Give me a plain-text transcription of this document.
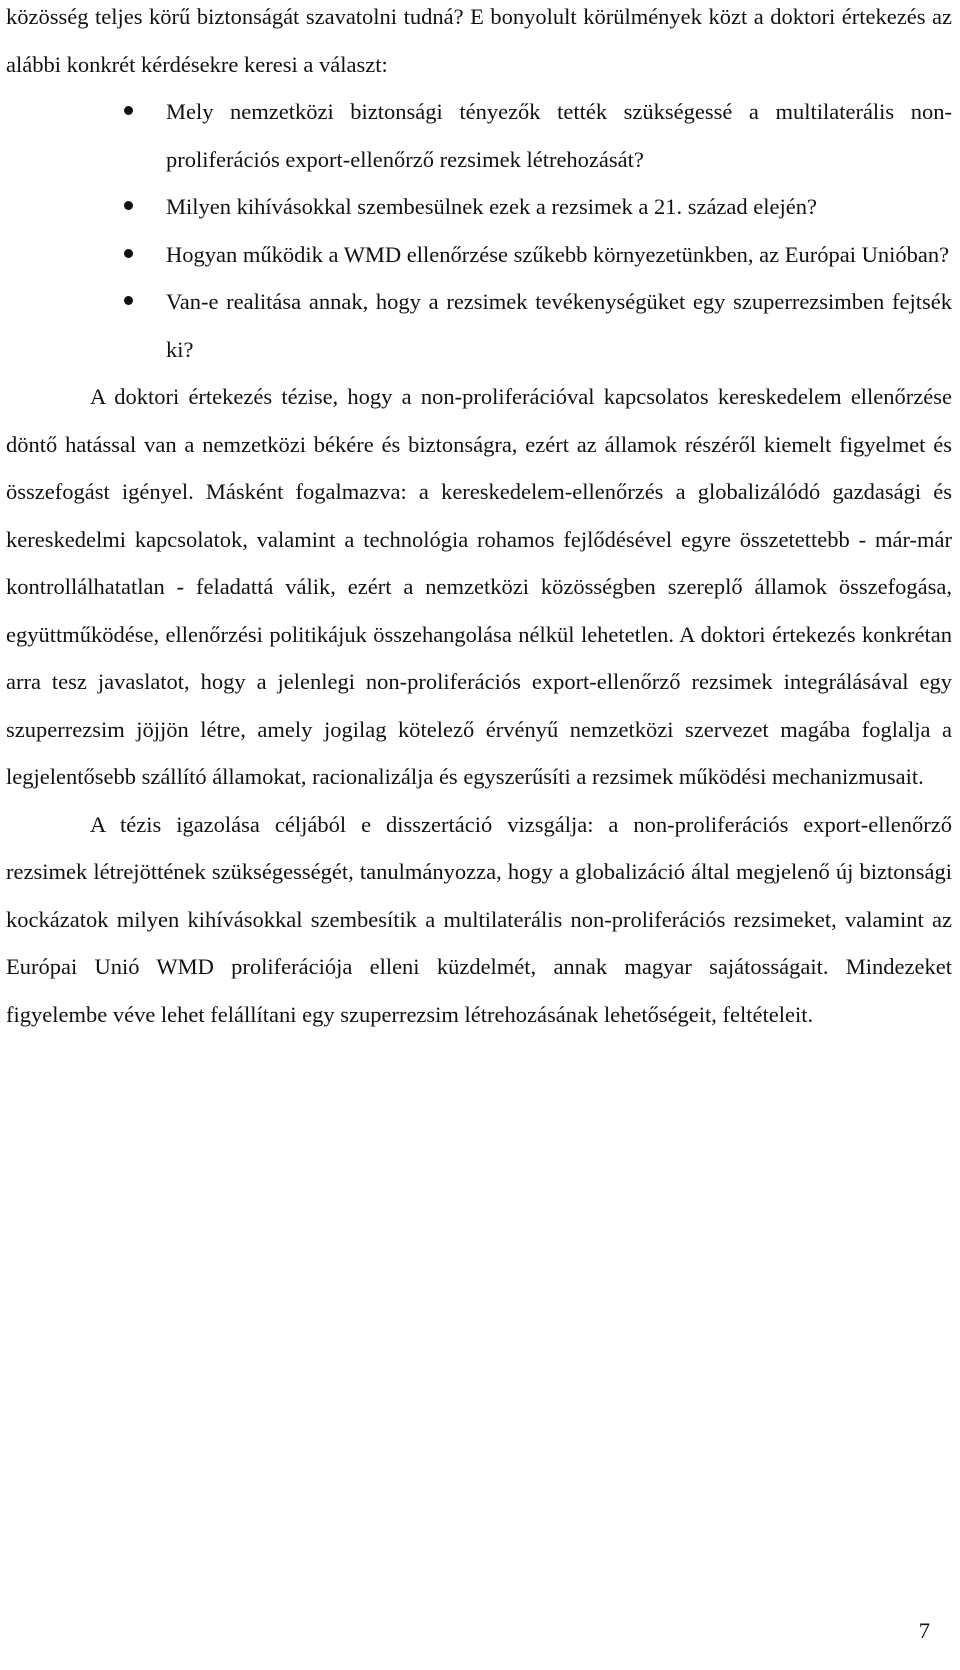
közösség teljes körű biztonságát szavatolni tudná? E bonyolult körülmények közt a doktori értekezés az alábbi konkrét kérdésekre keresi a választ:

Mely nemzetközi biztonsági tényezők tették szükségessé a multilaterális non-proliferációs export-ellenőrző rezsimek létrehozását?
Milyen kihívásokkal szembesülnek ezek a rezsimek a 21. század elején?
Hogyan működik a WMD ellenőrzése szűkebb környezetünkben, az Európai Unióban?
Van-e realitása annak, hogy a rezsimek tevékenységüket egy szuperrezsimben fejtsék ki?

A doktori értekezés tézise, hogy a non-proliferációval kapcsolatos kereskedelem ellenőrzése döntő hatással van a nemzetközi békére és biztonságra, ezért az államok részéről kiemelt figyelmet és összefogást igényel. Másként fogalmazva: a kereskedelem-ellenőrzés a globalizálódó gazdasági és kereskedelmi kapcsolatok, valamint a technológia rohamos fejlődésével egyre összetettebb - már-már kontrollálhatatlan - feladattá válik, ezért a nemzetközi közösségben szereplő államok összefogása, együttműködése, ellenőrzési politikájuk összehangolása nélkül lehetetlen. A doktori értekezés konkrétan arra tesz javaslatot, hogy a jelenlegi non-proliferációs export-ellenőrző rezsimek integrálásával egy szuperrezsim jöjjön létre, amely jogilag kötelező érvényű nemzetközi szervezet magába foglalja a legjelentősebb szállító államokat, racionalizálja és egyszerűsíti a rezsimek működési mechanizmusait.

A tézis igazolása céljából e disszertáció vizsgálja: a non-proliferációs export-ellenőrző rezsimek létrejöttének szükségességét, tanulmányozza, hogy a globalizáció által megjelenő új biztonsági kockázatok milyen kihívásokkal szembesítik a multilaterális non-proliferációs rezsimeket, valamint az Európai Unió WMD proliferációja elleni küzdelmét, annak magyar sajátosságait. Mindezeket figyelembe véve lehet felállítani egy szuperrezsim létrehozásának lehetőségeit, feltételeit.

7
